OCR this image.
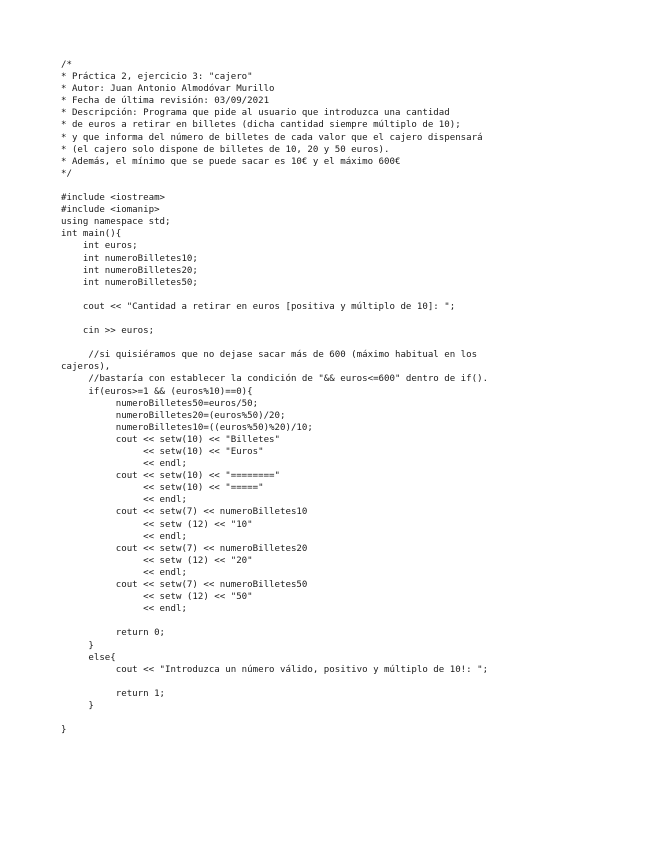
/*
* Práctica 2, ejercicio 3: "cajero"
* Autor: Juan Antonio Almodóvar Murillo
* Fecha de última revisión: 03/09/2021
* Descripción: Programa que pide al usuario que introduzca una cantidad
* de euros a retirar en billetes (dicha cantidad siempre múltiplo de 10);
* y que informa del número de billetes de cada valor que el cajero dispensará
* (el cajero solo dispone de billetes de 10, 20 y 50 euros).
* Además, el mínimo que se puede sacar es 10€ y el máximo 600€
*/
#include <iostream>
#include <iomanip>
using namespace std;
int main(){
int euros;
int numeroBilletes10;
int numeroBilletes20;
int numeroBilletes50;
cout << "Cantidad a retirar en euros [positiva y múltiplo de 10]: ";
cin >> euros;
//si quisiéramos que no dejase sacar más de 600 (máximo habitual en los
cajeros),
//bastaría con establecer la condición de "&& euros<=600" dentro de if().
if(euros>=1 && (euros%10)==0){
numeroBilletes50=euros/50;
numeroBilletes20=(euros%50)/20;
numeroBilletes10=((euros%50)%20)/10;
cout << setw(10) << "Billetes"
<< setw(10) << "Euros"
<< endl;
cout << setw(10) << "========"
<< setw(10) << "====="
<< endl;
cout << setw(7) << numeroBilletes10
<< setw (12) << "10"
<< endl;
cout << setw(7) << numeroBilletes20
<< setw (12) << "20"
<< endl;
cout << setw(7) << numeroBilletes50
<< setw (12) << "50"
<< endl;
return 0;
}
else{
cout << "Introduzca un número válido, positivo y múltiplo de 10!: ";
return 1;
}
}
